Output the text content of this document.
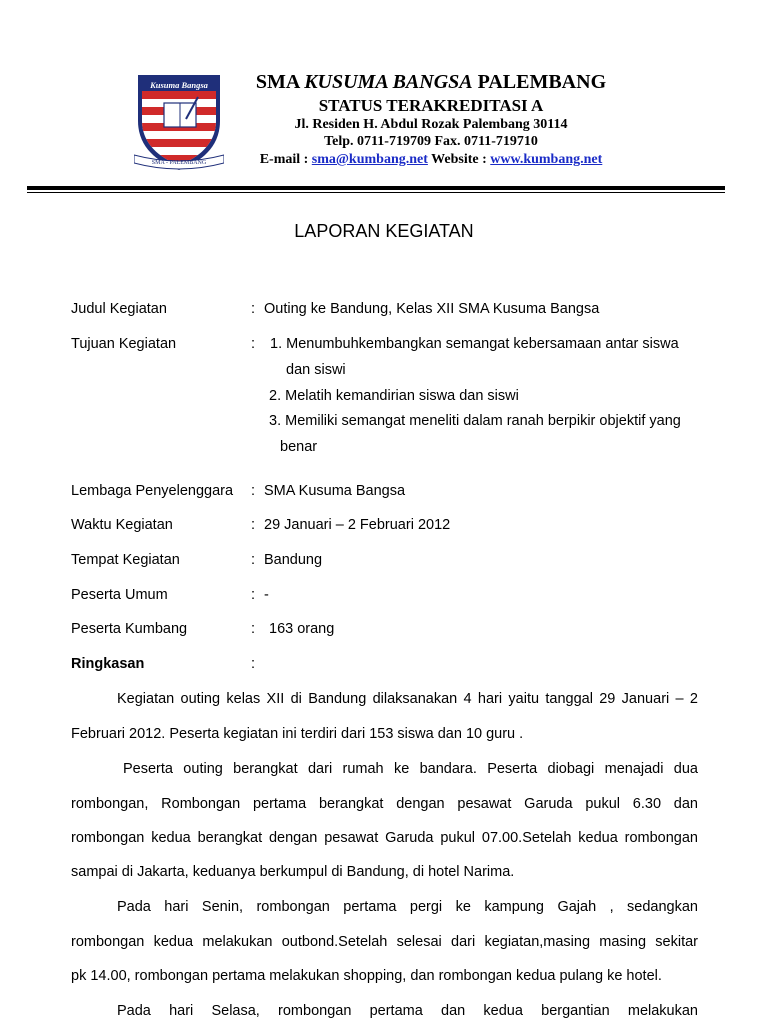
Kusuma Bangsa
SMA - PALEMBANG
SMA KUSUMA BANGSA PALEMBANG
STATUS TERAKREDITASI A
Jl. Residen H. Abdul Rozak Palembang 30114
Telp. 0711-719709 Fax. 0711-719710
E-mail : sma@kumbang.net Website : www.kumbang.net
LAPORAN KEGIATAN
Judul Kegiatan	: Outing ke Bandung, Kelas XII SMA Kusuma Bangsa
Tujuan Kegiatan	: 1. Menumbuhkembangkan semangat kebersamaan antar siswa
dan siswi
2. Melatih kemandirian siswa dan siswi
3. Memiliki semangat meneliti dalam ranah berpikir objektif yang
benar
Lembaga Penyelenggara : SMA Kusuma Bangsa
Waktu Kegiatan	: 29 Januari – 2 Februari 2012
Tempat Kegiatan	: Bandung
Peserta Umum	: -
Peserta Kumbang	: 163 orang
Ringkasan	:
Kegiatan outing kelas XII di Bandung dilaksanakan 4 hari yaitu tanggal 29 Januari – 2
Februari 2012. Peserta kegiatan ini terdiri dari 153 siswa dan 10 guru .
Peserta outing berangkat dari rumah ke bandara. Peserta diobagi menajadi dua
rombongan, Rombongan pertama berangkat dengan pesawat Garuda pukul 6.30 dan
rombongan kedua berangkat dengan pesawat Garuda pukul 07.00.Setelah kedua rombongan
sampai di Jakarta, keduanya berkumpul di Bandung, di hotel Narima.
Pada hari Senin, rombongan pertama pergi ke kampung Gajah , sedangkan
rombongan kedua melakukan outbond.Setelah selesai dari kegiatan,masing masing sekitar
pk 14.00, rombongan pertama melakukan shopping, dan rombongan kedua pulang ke hotel.
Pada hari Selasa, rombongan pertama dan kedua bergantian melakukan
